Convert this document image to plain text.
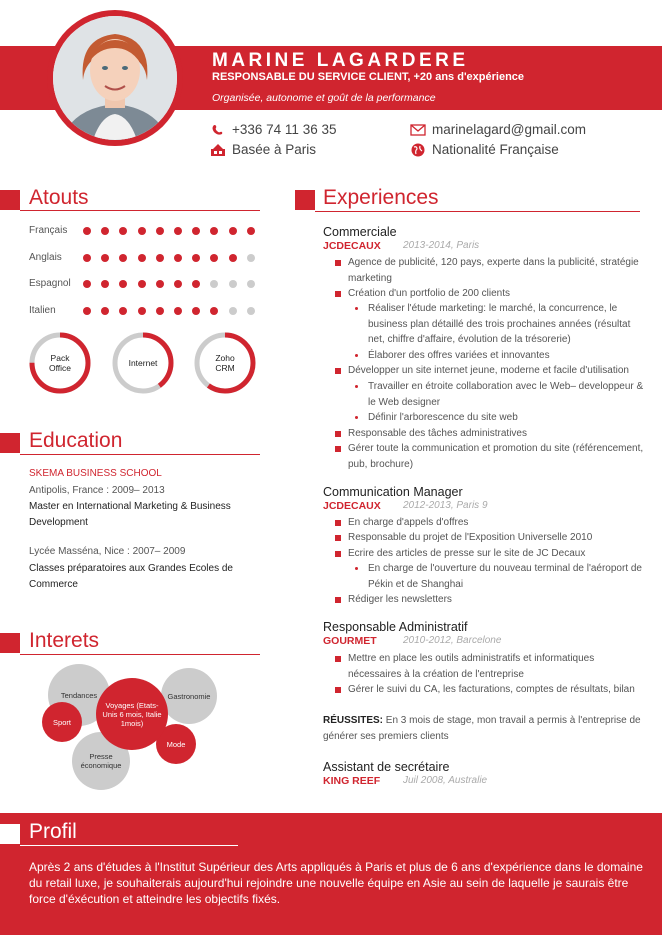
MARINE LAGARDERE
RESPONSABLE DU SERVICE CLIENT, +20 ans d'expérience
Organisée, autonome et goût de la performance
+336 74 11 36 35
Basée à Paris
marinelagard@gmail.com
Nationalité Française
Atouts
Français
Anglais
Espagnol
Italien
Pack
Office	Internet	Zoho
CRM
Education
SKEMA BUSINESS SCHOOL
Antipolis, France : 2009– 2013
Master en International Marketing & Business Development
Lycée Masséna, Nice : 2007– 2009
Classes préparatoires aux Grandes Ecoles de Commerce
Interets
Tendances	Gastronomie
Sport
Presse économique
Mode
Voyages (Etats-Unis 6 mois, Italie 1mois)
Experiences
Commerciale
JCDECAUX 2013-2014, Paris
Agence de publicité, 120 pays, experte dans la publicité, stratégie marketing
Création d'un portfolio de 200 clients
Réaliser l'étude marketing: le marché, la concurrence, le business plan détaillé des trois prochaines années (résultat net, chiffre d'affaire, évolution de la trésorerie)
Élaborer des offres variées et innovantes
Développer un site internet jeune, moderne et facile d'utilisation
Travailler en étroite collaboration avec le Web– developpeur & le Web designer
Définir l'arborescence du site web
Responsable des tâches administratives
Gérer toute la communication et promotion du site (référencement, pub, brochure)
Communication Manager
JCDECAUX 2012-2013, Paris 9
En charge d'appels d'offres
Responsable du projet de l'Exposition Universelle 2010
Ecrire des articles de presse sur le site de JC Decaux
En charge de l'ouverture du nouveau terminal de l'aéroport de Pékin et de Shanghai
Rédiger les newsletters
Responsable Administratif
GOURMET	2010-2012, Barcelone
Mettre en place les outils administratifs et informatiques nécessaires à la création de l'entreprise
Gérer le suivi du CA, les facturations, comptes de résultats, bilan
RÉUSSITES: En 3 mois de stage, mon travail a permis à l'entreprise de générer ses premiers clients
Assistant de secrétaire
KING REEF Juil 2008, Australie
Profil
Après 2 ans d'études à l'Institut Supérieur des Arts appliqués à Paris et plus de 6 ans d'expérience dans le domaine du retail luxe, je souhaiterais aujourd'hui rejoindre une nouvelle équipe en Asie au sein de laquelle je saurais être force d'éxécution et atteindre les objectifs fixés.
